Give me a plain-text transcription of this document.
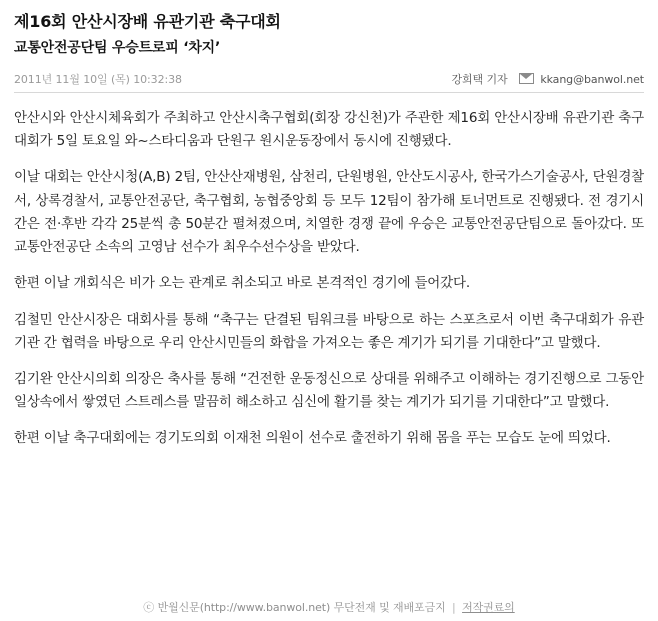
제16회 안산시장배 유관기관 축구대회
교통안전공단팀 우승트로피 ‘차지’
2011년 11월 10일 (목) 10:32:38	강희택 기자	kkang@banwol.net

안산시와 안산시체육회가 주최하고 안산시축구협회(회장 강신천)가 주관한 제16회 안산시장배 유관기관 축구대회가 5일 토요일 와~스타디움과 단원구 원시운동장에서 동시에 진행됐다.

이날 대회는 안산시청(A,B) 2팀, 안산산재병원, 삼천리, 단원병원, 안산도시공사, 한국가스기술공사, 단원경찰서, 상록경찰서, 교통안전공단, 축구협회, 농협중앙회 등 모두 12팀이 참가해 토너먼트로 진행됐다. 전 경기시간은 전·후반 각각 25분씩 총 50분간 펼쳐졌으며, 치열한 경쟁 끝에 우승은 교통안전공단팀으로 돌아갔다. 또 교통안전공단 소속의 고영남 선수가 최우수선수상을 받았다.

한편 이날 개회식은 비가 오는 관계로 취소되고 바로 본격적인 경기에 들어갔다.

김철민 안산시장은 대회사를 통해 “축구는 단결된 팀워크를 바탕으로 하는 스포츠로서 이번 축구대회가 유관기관 간 협력을 바탕으로 우리 안산시민들의 화합을 가져오는 좋은 계기가 되기를 기대한다”고 말했다.

김기완 안산시의회 의장은 축사를 통해 “건전한 운동정신으로 상대를 위해주고 이해하는 경기진행으로 그동안 일상속에서 쌓였던 스트레스를 말끔히 해소하고 심신에 활기를 찾는 계기가 되기를 기대한다”고 말했다.

한편 이날 축구대회에는 경기도의회 이재천 의원이 선수로 출전하기 위해 몸을 푸는 모습도 눈에 띄었다.

ⓒ 반월신문(http://www.banwol.net) 무단전재 및 재배포금지 | 저작권료의
